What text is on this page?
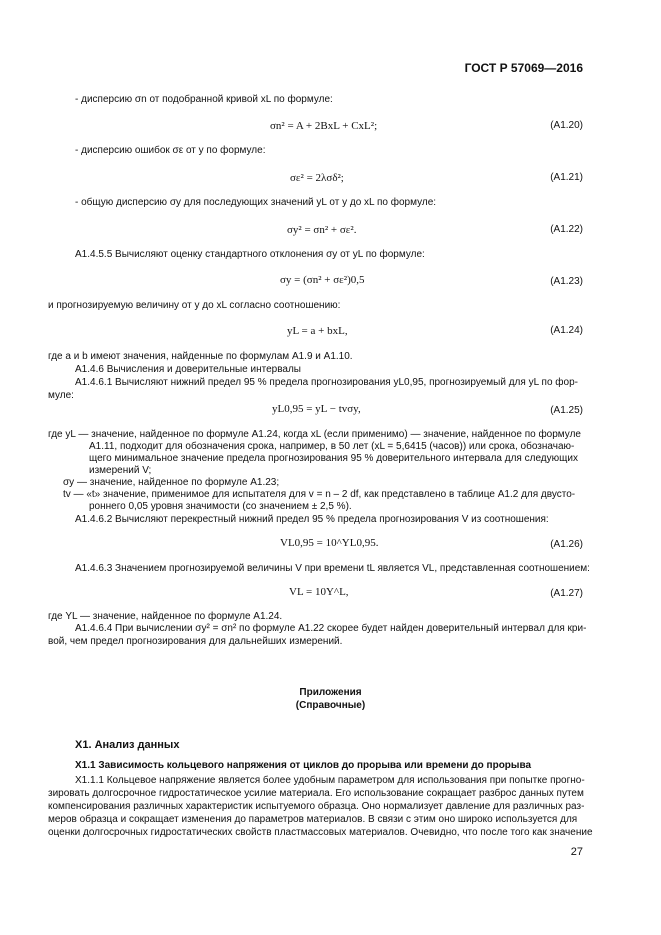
ГОСТ Р 57069—2016
- дисперсию σn от подобранной кривой xL по формуле:
σn² = A + 2BxL + CxL²;	(A1.20)
- дисперсию ошибок σε от y по формуле:
σε² = 2λσδ²;	(A1.21)
- общую дисперсию σy для последующих значений yL от y до xL по формуле:
σy² = σn² + σε².	(A1.22)
А1.4.5.5 Вычисляют оценку стандартного отклонения σy от yL по формуле:
σy = (σn² + σε²)0,5	(A1.23)
и прогнозируемую величину от y до xL согласно соотношению:
yL = a + bxL,	(A1.24)
где a и b имеют значения, найденные по формулам А1.9 и А1.10.
А1.4.6 Вычисления и доверительные интервалы
А1.4.6.1 Вычисляют нижний предел 95 % предела прогнозирования yL0,95, прогнозируемый для yL по фор-
муле:
yL0,95 = yL − tvσy,	(A1.25)
где yL — значение, найденное по формуле А1.24, когда xL (если применимо) — значение, найденное по формуле
А1.11, подходит для обозначения срока, например, в 50 лет (xL = 5,6415 (часов)) или срока, обозначаю-
щего минимальное значение предела прогнозирования 95 % доверительного интервала для следующих
измерений V;
σy — значение, найденное по формуле А1.23;
tv — «t» значение, применимое для испытателя для v = n – 2 df, как представлено в таблице А1.2 для двусто-
роннего 0,05 уровня значимости (со значением ± 2,5 %).
А1.4.6.2 Вычисляют перекрестный нижний предел 95 % предела прогнозирования V из соотношения:
VL0,95 = 10^YL0,95.	(A1.26)
А1.4.6.3 Значением прогнозируемой величины V при времени tL является VL, представленная соотношением:
VL = 10Y^L,	(A1.27)
где YL — значение, найденное по формуле А1.24.
А1.4.6.4 При вычислении σy² = σn² по формуле А1.22 скорее будет найден доверительный интервал для кри-
вой, чем предел прогнозирования для дальнейших измерений.
Приложения
(Справочные)
X1. Анализ данных
X1.1 Зависимость кольцевого напряжения от циклов до прорыва или времени до прорыва
Х1.1.1 Кольцевое напряжение является более удобным параметром для использования при попытке прогно-
зировать долгосрочное гидростатическое усилие материала. Его использование сокращает разброс данных путем
компенсирования различных характеристик испытуемого образца. Оно нормализует давление для различных раз-
меров образца и сокращает изменения до параметров материалов. В связи с этим оно широко используется для
оценки долгосрочных гидростатических свойств пластмассовых материалов. Очевидно, что после того как значение
27
